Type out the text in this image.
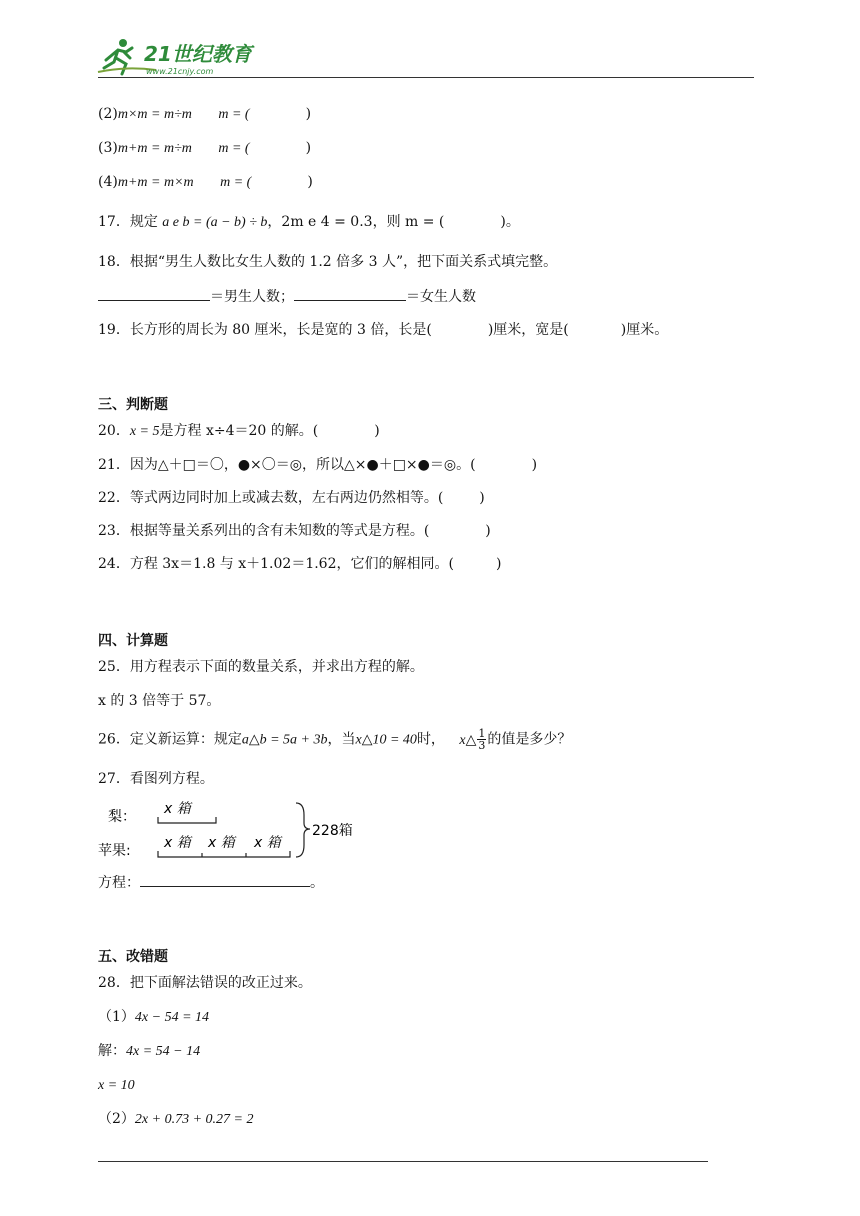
21世纪教育
www.21cnjy.com
(2)m×m = m÷m m = (	)
(3)m+m = m÷m m = (	)
(4)m+m = m×m m = (	)
17．规定 a e b = (a − b) ÷ b，2m e 4 = 0.3，则 m = (	)。
18．根据“男生人数比女生人数的 1.2 倍多 3 人”，把下面关系式填完整。
＝男生人数；	＝女生人数
19．长方形的周长为 80 厘米，长是宽的 3 倍，长是(	)厘米，宽是(	)厘米。
三、判断题
20．x = 5是方程 x÷4＝20 的解。(	)
21．因为△＋□＝〇，●×〇＝◎，所以△×●＋□×●＝◎。(	)
22．等式两边同时加上或减去数，左右两边仍然相等。(	)
23．根据等量关系列出的含有未知数的等式是方程。(	)
24．方程 3x＝1.8 与 x＋1.02＝1.62，它们的解相同。(	)
四、计算题
25．用方程表示下面的数量关系，并求出方程的解。
x 的 3 倍等于 57。
26．定义新运算：规定a△b = 5a + 3b，当x△10 = 40时， x△ $\frac{1}{3}$ 的值是多少？
27．看图列方程。
梨：
苹果:
x 箱
x 箱 x 箱 x 箱
228箱
方程：	。
五、改错题
28．把下面解法错误的改正过来。
（1）4x − 54 = 14
解：4x = 54 − 14
x = 10
（2）2x + 0.73 + 0.27 = 2
